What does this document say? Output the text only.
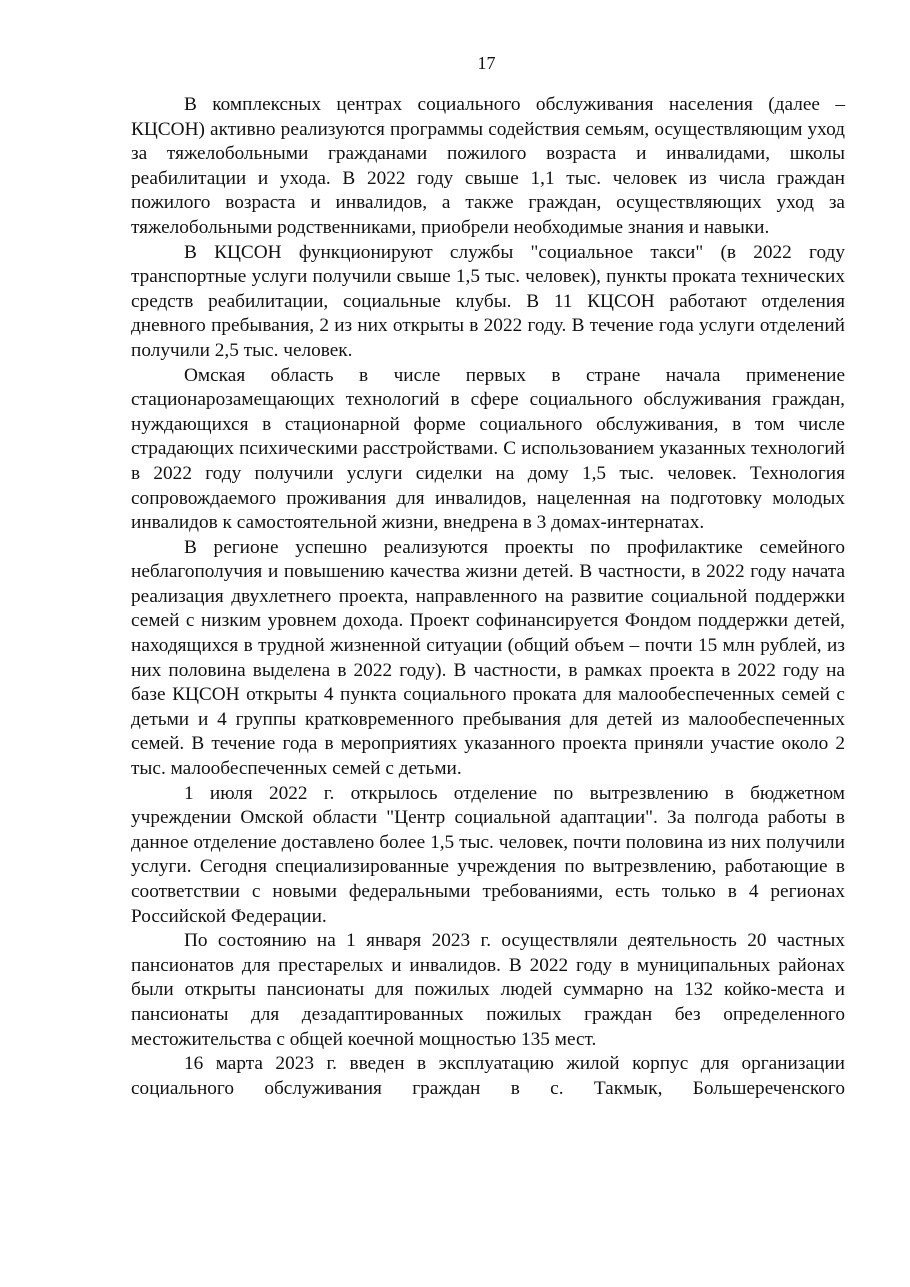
17

В комплексных центрах социального обслуживания населения (далее – КЦСОН) активно реализуются программы содействия семьям, осуществляющим уход за тяжелобольными гражданами пожилого возраста и инвалидами, школы реабилитации и ухода. В 2022 году свыше 1,1 тыс. человек из числа граждан пожилого возраста и инвалидов, а также граждан, осуществляющих уход за тяжелобольными родственниками, приобрели необходимые знания и навыки.

В КЦСОН функционируют службы "социальное такси" (в 2022 году транспортные услуги получили свыше 1,5 тыс. человек), пункты проката технических средств реабилитации, социальные клубы. В 11 КЦСОН работают отделения дневного пребывания, 2 из них открыты в 2022 году. В течение года услуги отделений получили 2,5 тыс. человек.

Омская область в числе первых в стране начала применение стационарозамещающих технологий в сфере социального обслуживания граждан, нуждающихся в стационарной форме социального обслуживания, в том числе страдающих психическими расстройствами. С использованием указанных технологий в 2022 году получили услуги сиделки на дому 1,5 тыс. человек. Технология сопровождаемого проживания для инвалидов, нацеленная на подготовку молодых инвалидов к самостоятельной жизни, внедрена в 3 домах-интернатах.

В регионе успешно реализуются проекты по профилактике семейного неблагополучия и повышению качества жизни детей. В частности, в 2022 году начата реализация двухлетнего проекта, направленного на развитие социальной поддержки семей с низким уровнем дохода. Проект софинансируется Фондом поддержки детей, находящихся в трудной жизненной ситуации (общий объем – почти 15 млн рублей, из них половина выделена в 2022 году). В частности, в рамках проекта в 2022 году на базе КЦСОН открыты 4 пункта социального проката для малообеспеченных семей с детьми и 4 группы кратковременного пребывания для детей из малообеспеченных семей. В течение года в мероприятиях указанного проекта приняли участие около 2 тыс. малообеспеченных семей с детьми.

1 июля 2022 г. открылось отделение по вытрезвлению в бюджетном учреждении Омской области "Центр социальной адаптации". За полгода работы в данное отделение доставлено более 1,5 тыс. человек, почти половина из них получили услуги. Сегодня специализированные учреждения по вытрезвлению, работающие в соответствии с новыми федеральными требованиями, есть только в 4 регионах Российской Федерации.

По состоянию на 1 января 2023 г. осуществляли деятельность 20 частных пансионатов для престарелых и инвалидов. В 2022 году в муниципальных районах были открыты пансионаты для пожилых людей суммарно на 132 койко-места и пансионаты для дезадаптированных пожилых граждан без определенного местожительства с общей коечной мощностью 135 мест.

16 марта 2023 г. введен в эксплуатацию жилой корпус для организации социального обслуживания граждан в с. Такмык, Большереченского
